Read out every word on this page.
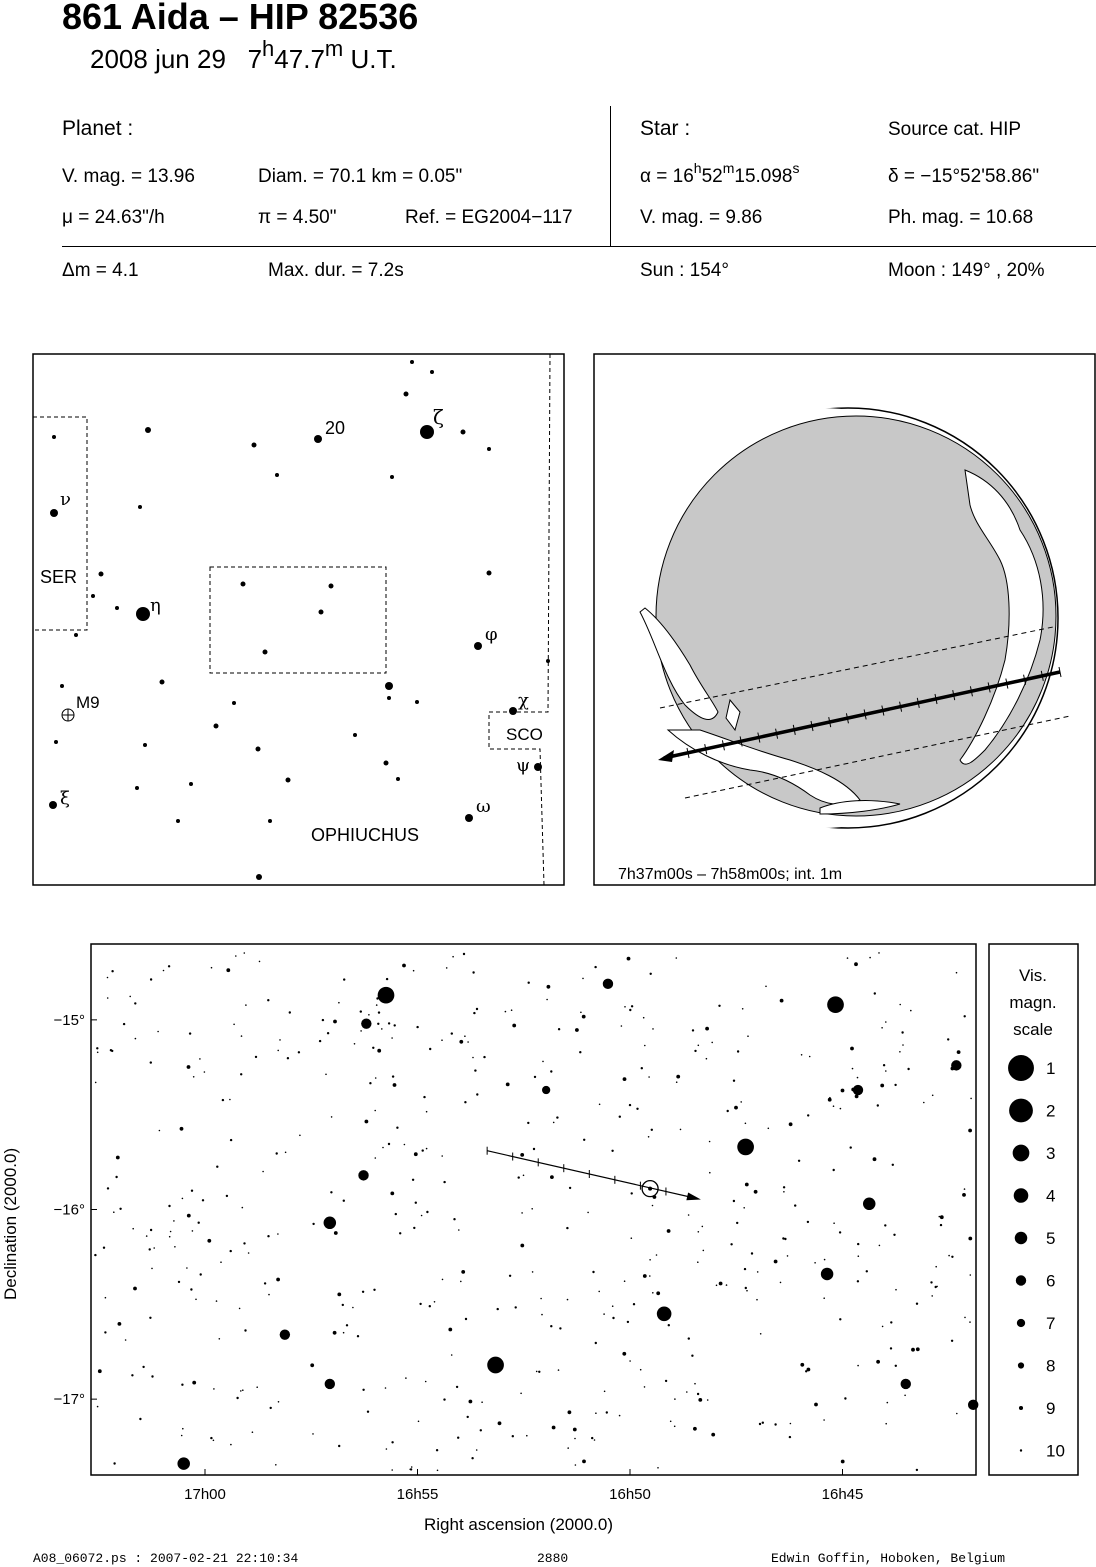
861 Aida – HIP 82536
2008 jun 29 7$^h$47.7$^m$ U.T.
Planet :
V. mag. = 13.96	Diam. = 70.1 km = 0.05"
μ = 24.63"/h	π = 4.50"	Ref. = EG2004−117
Star :	Source cat. HIP
$\alpha = 16^h52^m15.098^s$	δ = −15°52'58.86"
V. mag. = 9.86	Ph. mag. = 10.68
Δm = 4.1	Max. dur. = 7.2s	Sun : 154°	Moon : 149° , 20%
20	ζ
ν
SER
η
φ
M9	χ
SCO
ψ
ξ	ω
OPHIUCHUS
7h37m00s – 7h58m00s; int. 1m
−15°
−16°
−17°
17h00	16h55	16h50	16h45
Declination (2000.0)
Right ascension (2000.0)
Vis.
magn.
scale
1
2
3
4
5
6
7
8
9
10
A08_06072.ps : 2007-02-21 22:10:34	2880	Edwin Goffin, Hoboken, Belgium
